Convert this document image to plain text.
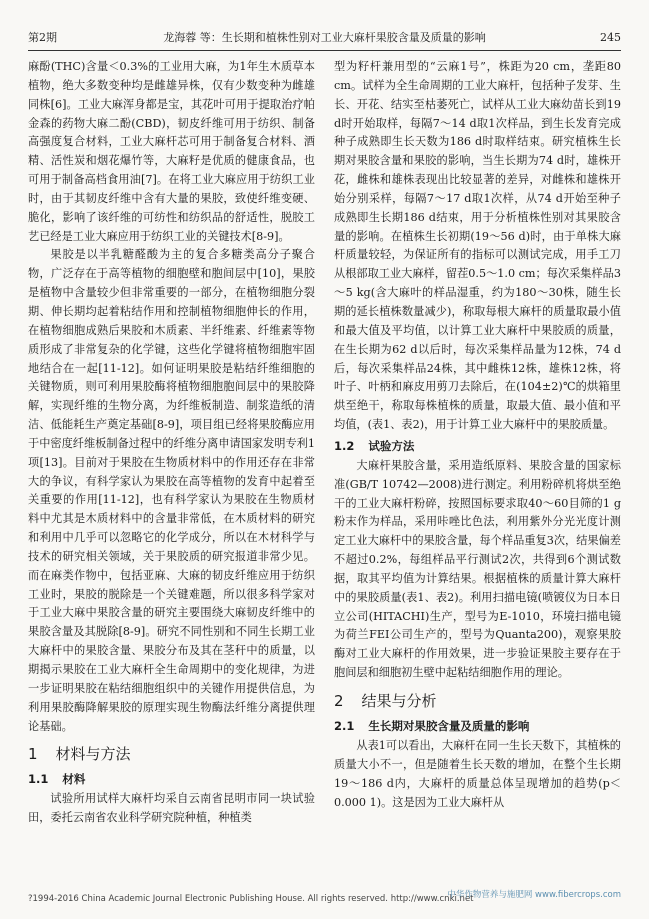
第2期	龙海蓉 等：生长期和植株性别对工业大麻杆果胶含量及质量的影响	245

麻酚(THC)含量＜0.3%的工业用大麻，为1年生木质草本植物，绝大多数变种均是雌雄异株，仅有少数变种为雌雄同株[6]。工业大麻浑身都是宝，其花叶可用于提取治疗帕金森的药物大麻二酚(CBD)，韧皮纤维可用于纺织、制备高强度复合材料，工业大麻杆芯可用于制备复合材料、酒精、活性炭和烟花爆竹等，大麻籽是优质的健康食品，也可用于制备高档食用油[7]。在将工业大麻应用于纺织工业时，由于其韧皮纤维中含有大量的果胶，致使纤维变硬、脆化，影响了该纤维的可纺性和纺织品的舒适性，脱胶工艺已经是工业大麻应用于纺织工业的关键技术[8-9]。

果胶是以半乳糖醛酸为主的复合多糖类高分子聚合物，广泛存在于高等植物的细胞壁和胞间层中[10]，果胶是植物中含量较少但非常重要的一部分，在植物细胞分裂期、伸长期均起着粘结作用和控制植物细胞伸长的作用，在植物细胞成熟后果胶和木质素、半纤维素、纤维素等物质形成了非常复杂的化学键，这些化学键将植物细胞牢固地结合在一起[11-12]。如何证明果胶是粘结纤维细胞的关键物质，则可利用果胶酶将植物细胞胞间层中的果胶降解，实现纤维的生物分离，为纤维板制造、制浆造纸的清洁、低能耗生产奠定基础[8-9]，项目组已经将果胶酶应用于中密度纤维板制备过程中的纤维分离申请国家发明专利1项[13]。目前对于果胶在生物质材料中的作用还存在非常大的争议，有科学家认为果胶在高等植物的发育中起着至关重要的作用[11-12]，也有科学家认为果胶在生物质材料中尤其是木质材料中的含量非常低，在木质材料的研究和利用中几乎可以忽略它的化学成分，所以在木材科学与技术的研究相关领域，关于果胶质的研究报道非常少见。而在麻类作物中，包括亚麻、大麻的韧皮纤维应用于纺织工业时，果胶的脱除是一个关键难题，所以很多科学家对于工业大麻中果胶含量的研究主要围绕大麻韧皮纤维中的果胶含量及其脱除[8-9]。研究不同性别和不同生长期工业大麻杆中的果胶含量、果胶分布及其在茎秆中的质量，以期揭示果胶在工业大麻杆全生命周期中的变化规律，为进一步证明果胶在粘结细胞组织中的关键作用提供信息，为利用果胶酶降解果胶的原理实现生物酶法纤维分离提供理论基础。

1 材料与方法
1.1 材料

试验所用试样大麻杆均采自云南省昆明市同一块试验田，委托云南省农业科学研究院种植，种植类

型为籽杆兼用型的“云麻1号”，株距为20 cm，垄距80 cm。试样为全生命周期的工业大麻杆，包括种子发芽、生长、开花、结实至枯萎死亡，试样从工业大麻幼苗长到19 d时开始取样，每隔7～14 d取1次样品，到生长发育完成种子成熟即生长天数为186 d时取样结束。研究植株生长期对果胶含量和果胶的影响，当生长期为74 d时，雄株开花，雌株和雄株表现出比较显著的差异，对雌株和雄株开始分别采样，每隔7～17 d取1次样，从74 d开始至种子成熟即生长期186 d结束，用于分析植株性别对其果胶含量的影响。在植株生长初期(19～56 d)时，由于单株大麻杆质量较轻，为保证所有的指标可以测试完成，用手工刀从根部取工业大麻样，留茬0.5～1.0 cm；每次采集样品3～5 kg(含大麻叶的样品湿重，约为180～30株，随生长期的延长植株数量减少)，称取每根大麻杆的质量取最小值和最大值及平均值，以计算工业大麻杆中果胶质的质量，在生长期为62 d以后时，每次采集样品量为12株，74 d后，每次采集样品24株，其中雌株12株，雄株12株，将叶子、叶柄和麻皮用剪刀去除后，在(104±2)℃的烘箱里烘至绝干，称取每株植株的质量，取最大值、最小值和平均值，(表1、表2)，用于计算工业大麻杆中的果胶质量。

1.2 试验方法

大麻杆果胶含量，采用造纸原料、果胶含量的国家标准(GB/T 10742—2008)进行测定。利用粉碎机将烘至绝干的工业大麻杆粉碎，按照国标要求取40～60目筛的1 g粉末作为样品，采用咔唑比色法，利用紫外分光光度计测定工业大麻杆中的果胶含量，每个样品重复3次，结果偏差不超过0.2%，每组样品平行测试2次，共得到6个测试数据，取其平均值为计算结果。根据植株的质量计算大麻杆中的果胶质量(表1、表2)。利用扫描电镜(喷镀仪为日本日立公司(HITACHI)生产，型号为E-1010，环境扫描电镜为荷兰FEI公司生产的，型号为Quanta200)，观察果胶酶对工业大麻杆的作用效果，进一步验证果胶主要存在于胞间层和细胞初生壁中起粘结细胞作用的理论。

2 结果与分析
2.1 生长期对果胶含量及质量的影响

从表1可以看出，大麻杆在同一生长天数下，其植株的质量大小不一，但是随着生长天数的增加，在整个生长期19～186 d内，大麻杆的质量总体呈现增加的趋势(p＜0.000 1)。这是因为工业大麻杆从

?1994-2016 China Academic Journal Electronic Publishing House. All rights reserved. http://www.cnki.net
中华作物营养与施肥网 www.fibercrops.com
